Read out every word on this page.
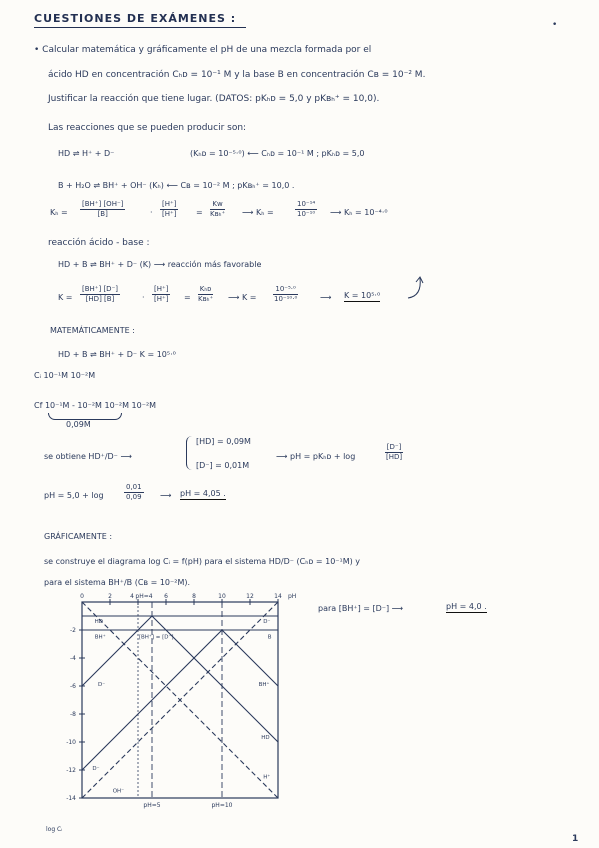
CUESTIONES DE EXÁMENES :	•
• Calcular matemática y gráficamente el pH de una mezcla formada por el
ácido HD en concentración Cₕᴅ = 10⁻¹ M y la base B en concentración Cʙ = 10⁻² M.
Justificar la reacción que tiene lugar. (DATOS: pKₕᴅ = 5,0 y pKʙₕ⁺ = 10,0).
Las reacciones que se pueden producir son:
HD ⇌ H⁺ + D⁻	(Kₕᴅ = 10⁻⁵·⁰) ⟵ Cₕᴅ = 10⁻¹ M ; pKₕᴅ = 5,0
B + H₂O ⇌ BH⁺ + OH⁻ (Kₕ) ⟵ Cʙ = 10⁻² M ; pKʙₕ⁺ = 10,0 .
$K_h = \frac{[BH^+] [OH^-]}{[B]}$	· $\frac{[H^+]}{[H^+]}$ =
Kw
Kʙₕ⁺ ⟶ Kₕ =	$\frac{\text{10⁻¹⁴}}{\text{10⁻¹⁰}}$ ⟶ Kₕ = 10⁻⁴·⁰
reacción ácido - base :
HD + B ⇌ BH⁺ + D⁻ (K) ⟶ reacción más favorable
$K = \frac{[BH^+] [D^-]}{[HD] [B]}$	· $\frac{[H^+]}{[H^+]}$ =
Kₕᴅ
Kʙₕ⁺ ⟶ $K = \frac{\text{10⁻⁵·⁰}}{\text{10⁻¹⁰·⁰}}$	⟶ K = 10⁵·⁰
MATEMÁTICAMENTE :
HD + B ⇌ BH⁺ + D⁻ K = 10⁵·⁰
Cᵢ 10⁻¹M 10⁻²M
Cf 10⁻¹M - 10⁻²M 10⁻²M 10⁻²M
0,09M
se obtiene HD⁺/D⁻ ⟶
[HD] = 0,09M
[D⁻] = 0,01M
⟶ pH = pKₕᴅ + log	$\frac{[D^-]}{[HD]}$
pH = 5,0 + log	$\frac{0,01}{0,09}$ ⟶ pH = 4,05 .
GRÁFICAMENTE :
se construye el diagrama log Cᵢ = f(pH) para el sistema HD/D⁻ (Cₕᴅ = 10⁻¹M) y
para el sistema BH⁺/B (Cʙ = 10⁻²M).
para [BH⁺] = [D⁻] ⟶	pH = 4,0 .
2	4 pH=4 6	8	10	12	14 pH
-2
-4
-6
-8
-10
-12
-14
0
pH=5	pH=10
HD	D⁻
B
BH⁺	[BH⁺] = [D⁻]
D⁻	BH⁺
HD
H⁺
D⁻
OH⁻
log Cᵢ
1
